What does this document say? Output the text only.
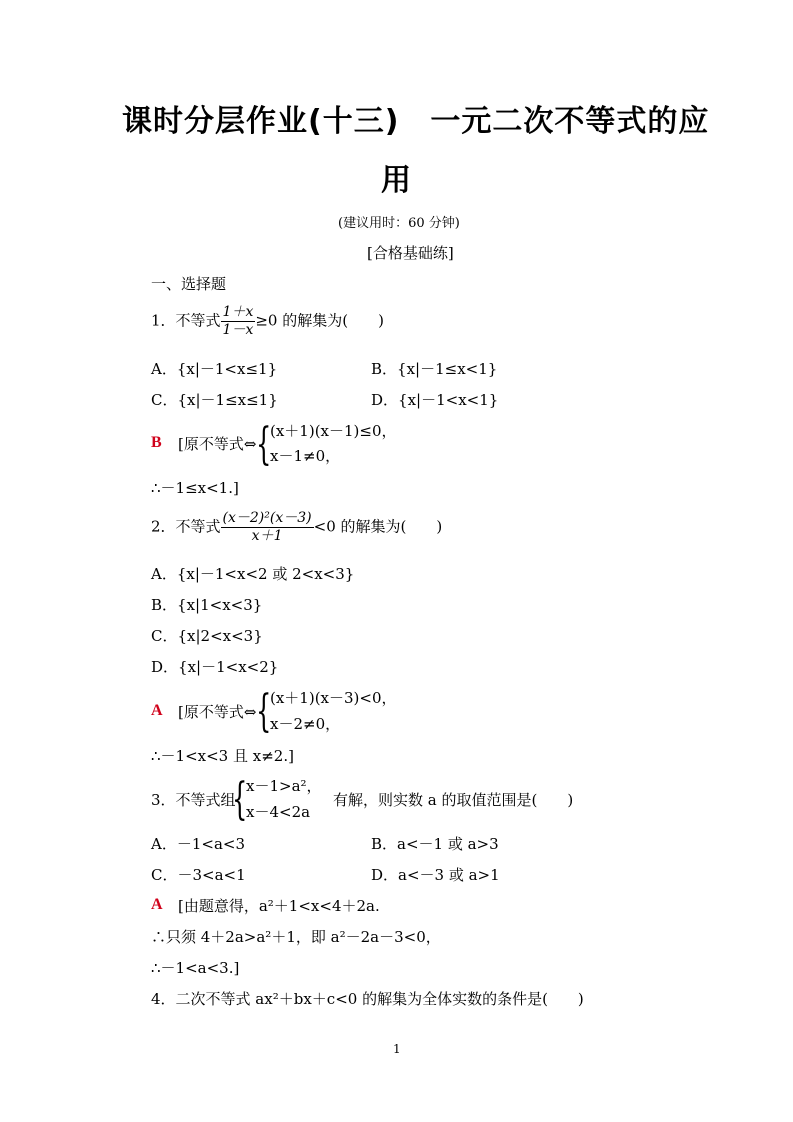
课时分层作业(十三)　一元二次不等式的应
用
(建议用时：60 分钟)
[合格基础练]
一、选择题
1．不等式 $\frac{1+x}{1-x} \ge 0$ 的解集为(　　)
A．{x|－1<x≤1}	B．{x|－1≤x<1}
C．{x|－1≤x≤1}	D．{x|－1<x<1}
B [原不等式⇔ {
(x＋1)(x－1)≤0，
x－1≠0，
∴－1≤x<1.]
2．不等式 $\frac{\text{(x－2)²(x－3)}}{x+1} <0$ 的解集为(　　)
A．{x|－1<x<2 或 2<x<3}
B．{x|1<x<3}
C．{x|2<x<3}
D．{x|－1<x<2}
A [原不等式⇔ {
(x＋1)(x－3)<0，
x－2≠0，
∴－1<x<3 且 x≠2.]
3．不等式组
{
x－1>a²，
x－4<2a
有解，则实数 a 的取值范围是(　　)
A．－1<a<3	B．a<－1 或 a>3
C．－3<a<1	D．a<－3 或 a>1
A [由题意得，a²＋1<x<4＋2a.
∴只须 4＋2a>a²＋1，即 a²－2a－3<0，
∴－1<a<3.]
4．二次不等式 ax²＋bx＋c<0 的解集为全体实数的条件是(　　)
1
